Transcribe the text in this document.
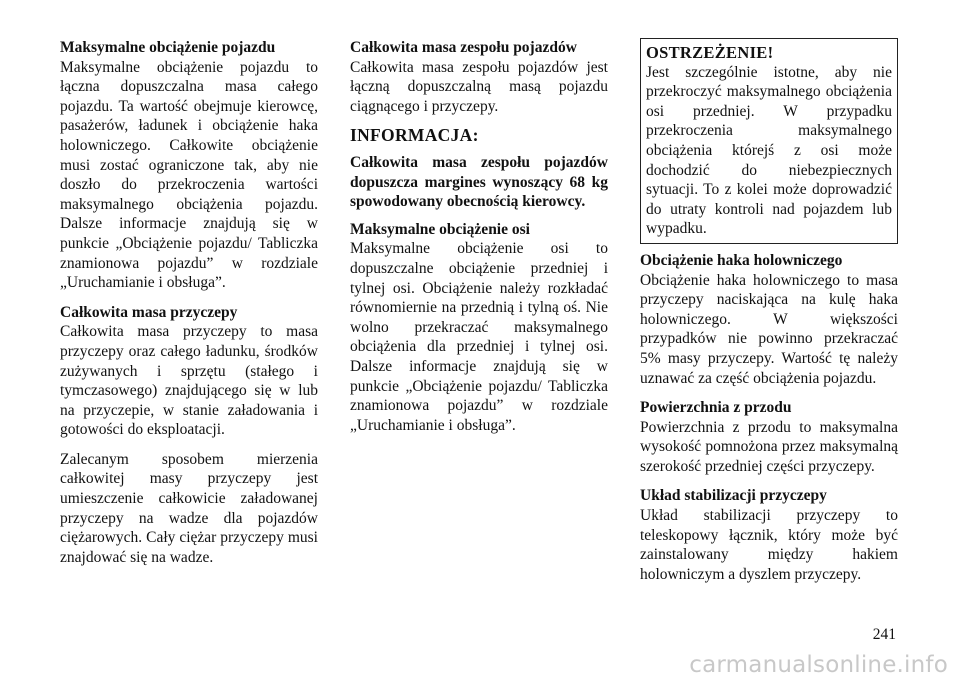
Maksymalne obciążenie pojazdu
Maksymalne obciążenie pojazdu to łączna dopuszczalna masa całego pojazdu. Ta wartość obejmuje kierowcę, pasażerów, ładunek i obciążenie haka holowniczego. Całkowite obciążenie musi zostać ograniczone tak, aby nie doszło do przekroczenia wartości maksymalnego obciążenia pojazdu. Dalsze informacje znajdują się w punkcie „Obciążenie pojazdu/ Tabliczka znamionowa pojazdu” w rozdziale „Uruchamianie i obsługa”.
Całkowita masa przyczepy
Całkowita masa przyczepy to masa przyczepy oraz całego ładunku, środków zużywanych i sprzętu (stałego i tymczasowego) znajdującego się w lub na przyczepie, w stanie załadowania i gotowości do eksploatacji.
Zalecanym sposobem mierzenia całkowitej masy przyczepy jest umieszczenie całkowicie załadowanej przyczepy na wadze dla pojazdów ciężarowych. Cały ciężar przyczepy musi znajdować się na wadze.
Całkowita masa zespołu pojazdów
Całkowita masa zespołu pojazdów jest łączną dopuszczalną masą pojazdu ciągnącego i przyczepy.
INFORMACJA:
Całkowita masa zespołu pojazdów dopuszcza margines wynoszący 68 kg spowodowany obecnością kierowcy.
Maksymalne obciążenie osi
Maksymalne obciążenie osi to dopuszczalne obciążenie przedniej i tylnej osi. Obciążenie należy rozkładać równomiernie na przednią i tylną oś. Nie wolno przekraczać maksymalnego obciążenia dla przedniej i tylnej osi. Dalsze informacje znajdują się w punkcie „Obciążenie pojazdu/ Tabliczka znamionowa pojazdu” w rozdziale „Uruchamianie i obsługa”.
OSTRZEŻENIE!
Jest szczególnie istotne, aby nie przekroczyć maksymalnego obciążenia osi przedniej. W przypadku przekroczenia maksymalnego obciążenia którejś z osi może dochodzić do niebezpiecznych sytuacji. To z kolei może doprowadzić do utraty kontroli nad pojazdem lub wypadku.
Obciążenie haka holowniczego
Obciążenie haka holowniczego to masa przyczepy naciskająca na kulę haka holowniczego. W większości przypadków nie powinno przekraczać 5% masy przyczepy. Wartość tę należy uznawać za część obciążenia pojazdu.
Powierzchnia z przodu
Powierzchnia z przodu to maksymalna wysokość pomnożona przez maksymalną szerokość przedniej części przyczepy.
Układ stabilizacji przyczepy
Układ stabilizacji przyczepy to teleskopowy łącznik, który może być zainstalowany między hakiem holowniczym a dyszlem przyczepy.
241
carmanualsonline.info
